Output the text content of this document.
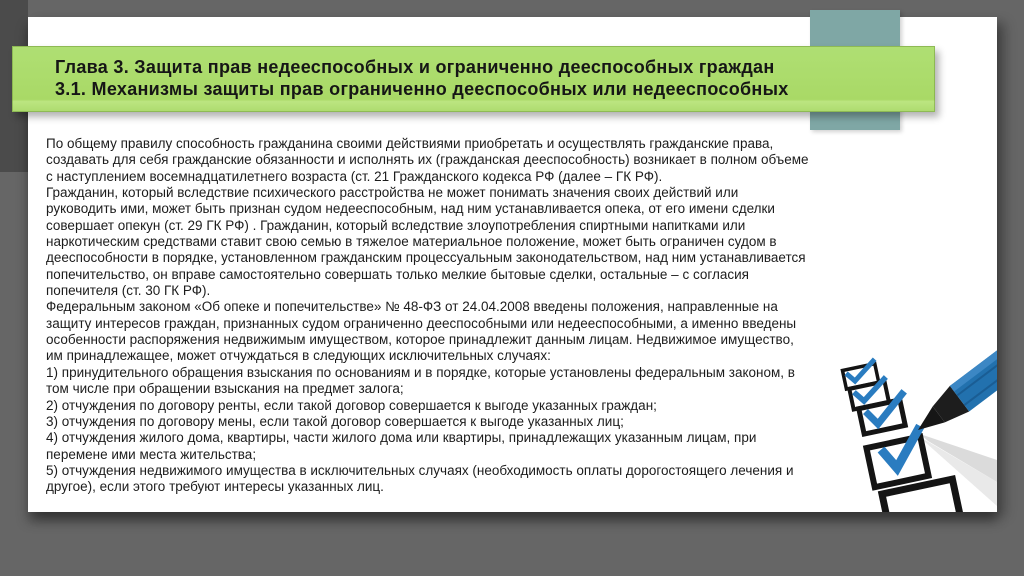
По общему правилу способность гражданина своими действиями приобретать и осуществлять гражданские права,
создавать для себя гражданские обязанности и исполнять их (гражданская дееспособность) возникает в полном объеме
с наступлением восемнадцатилетнего возраста (ст. 21 Гражданского кодекса РФ (далее – ГК РФ).
Гражданин, который вследствие психического расстройства не может понимать значения своих действий или
руководить ими, может быть признан судом недееспособным, над ним устанавливается опека, от его имени сделки
совершает опекун (ст. 29 ГК РФ) . Гражданин, который вследствие злоупотребления спиртными напитками или
наркотическим средствами ставит свою семью в тяжелое материальное положение, может быть ограничен судом в
дееспособности в порядке, установленном гражданским процессуальным законодательством, над ним устанавливается
попечительство, он вправе самостоятельно совершать только мелкие бытовые сделки, остальные – с согласия
попечителя (ст. 30 ГК РФ).
Федеральным законом «Об опеке и попечительстве» № 48-ФЗ от 24.04.2008 введены положения, направленные на
защиту интересов граждан, признанных судом ограниченно дееспособными или недееспособными, а именно введены
особенности распоряжения недвижимым имуществом, которое принадлежит данным лицам. Недвижимое имущество,
им принадлежащее, может отчуждаться в следующих исключительных случаях:
1) принудительного обращения взыскания по основаниям и в порядке, которые установлены федеральным законом, в
том числе при обращении взыскания на предмет залога;
2) отчуждения по договору ренты, если такой договор совершается к выгоде указанных граждан;
3) отчуждения по договору мены, если такой договор совершается к выгоде указанных лиц;
4) отчуждения жилого дома, квартиры, части жилого дома или квартиры, принадлежащих указанным лицам, при
перемене ими места жительства;
5) отчуждения недвижимого имущества в исключительных случаях (необходимость оплаты дорогостоящего лечения и
другое), если этого требуют интересы указанных лиц.
Глава 3. Защита прав недееспособных и ограниченно дееспособных граждан
3.1. Механизмы защиты прав ограниченно дееспособных или недееспособных
